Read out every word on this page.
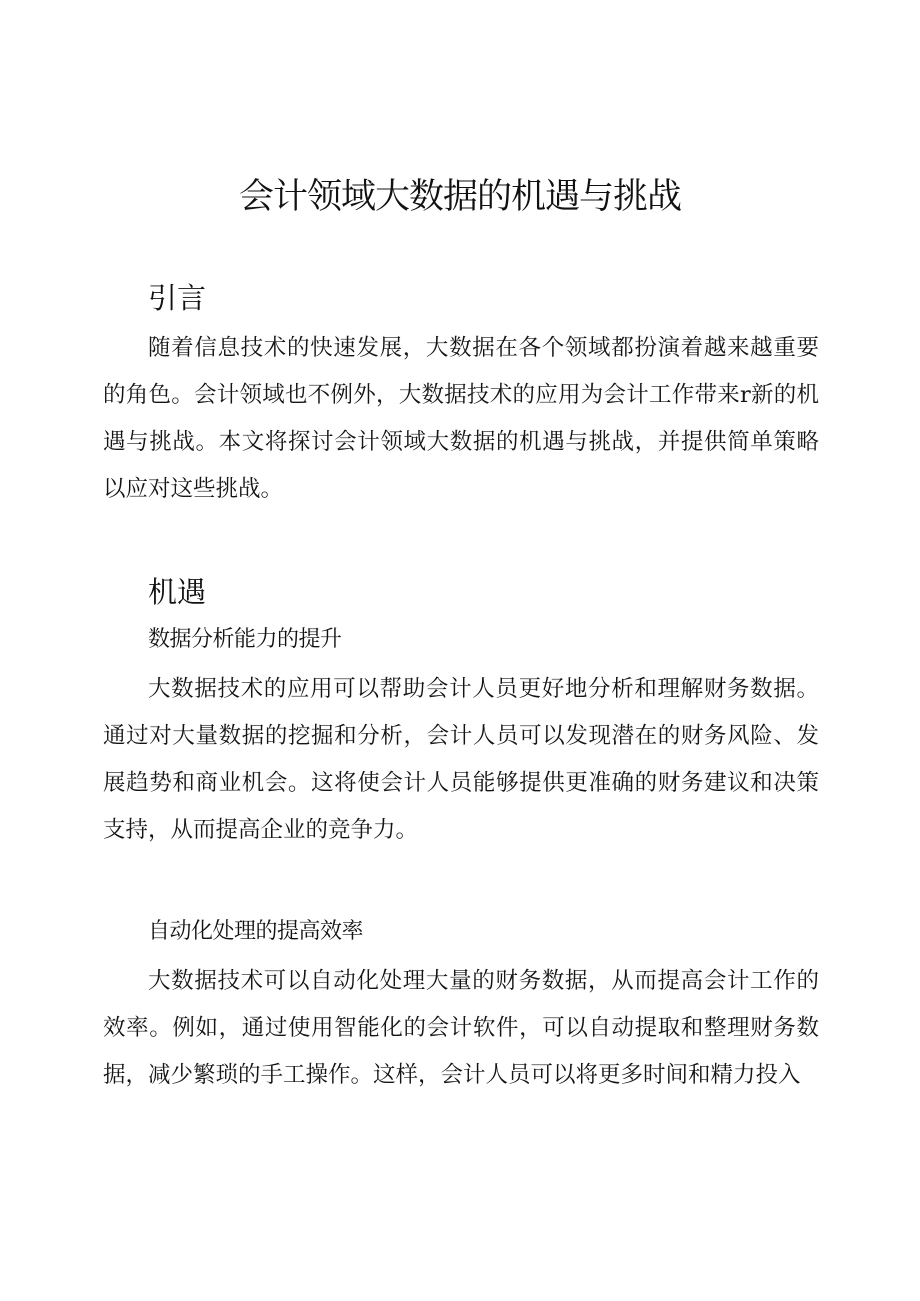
会计领域大数据的机遇与挑战
引言

随着信息技术的快速发展，大数据在各个领域都扮演着越来越重要的角色。会计领域也不例外，大数据技术的应用为会计工作带来r新的机遇与挑战。本文将探讨会计领域大数据的机遇与挑战，并提供简单策略以应对这些挑战。

机遇
数据分析能力的提升

大数据技术的应用可以帮助会计人员更好地分析和理解财务数据。通过对大量数据的挖掘和分析，会计人员可以发现潜在的财务风险、发展趋势和商业机会。这将使会计人员能够提供更准确的财务建议和决策支持，从而提高企业的竞争力。

自动化处理的提高效率

大数据技术可以自动化处理大量的财务数据，从而提高会计工作的效率。例如，通过使用智能化的会计软件，可以自动提取和整理财务数据，减少繁琐的手工操作。这样，会计人员可以将更多时间和精力投入
